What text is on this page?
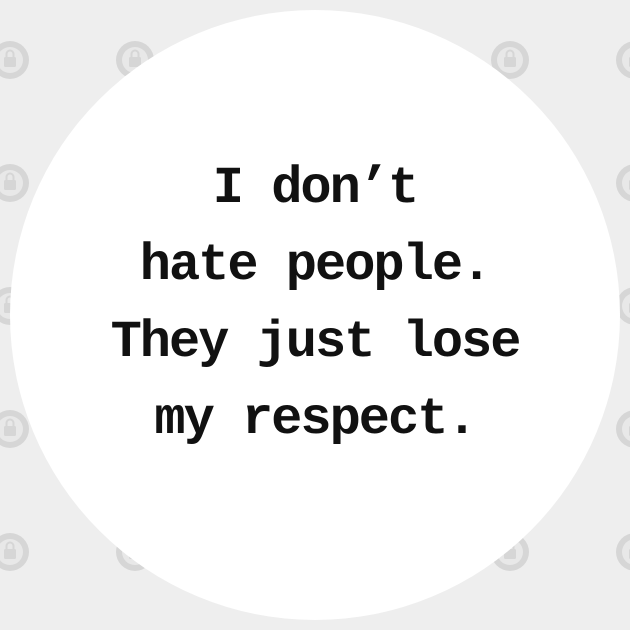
I don’t
hate people.
They just lose
my respect.
